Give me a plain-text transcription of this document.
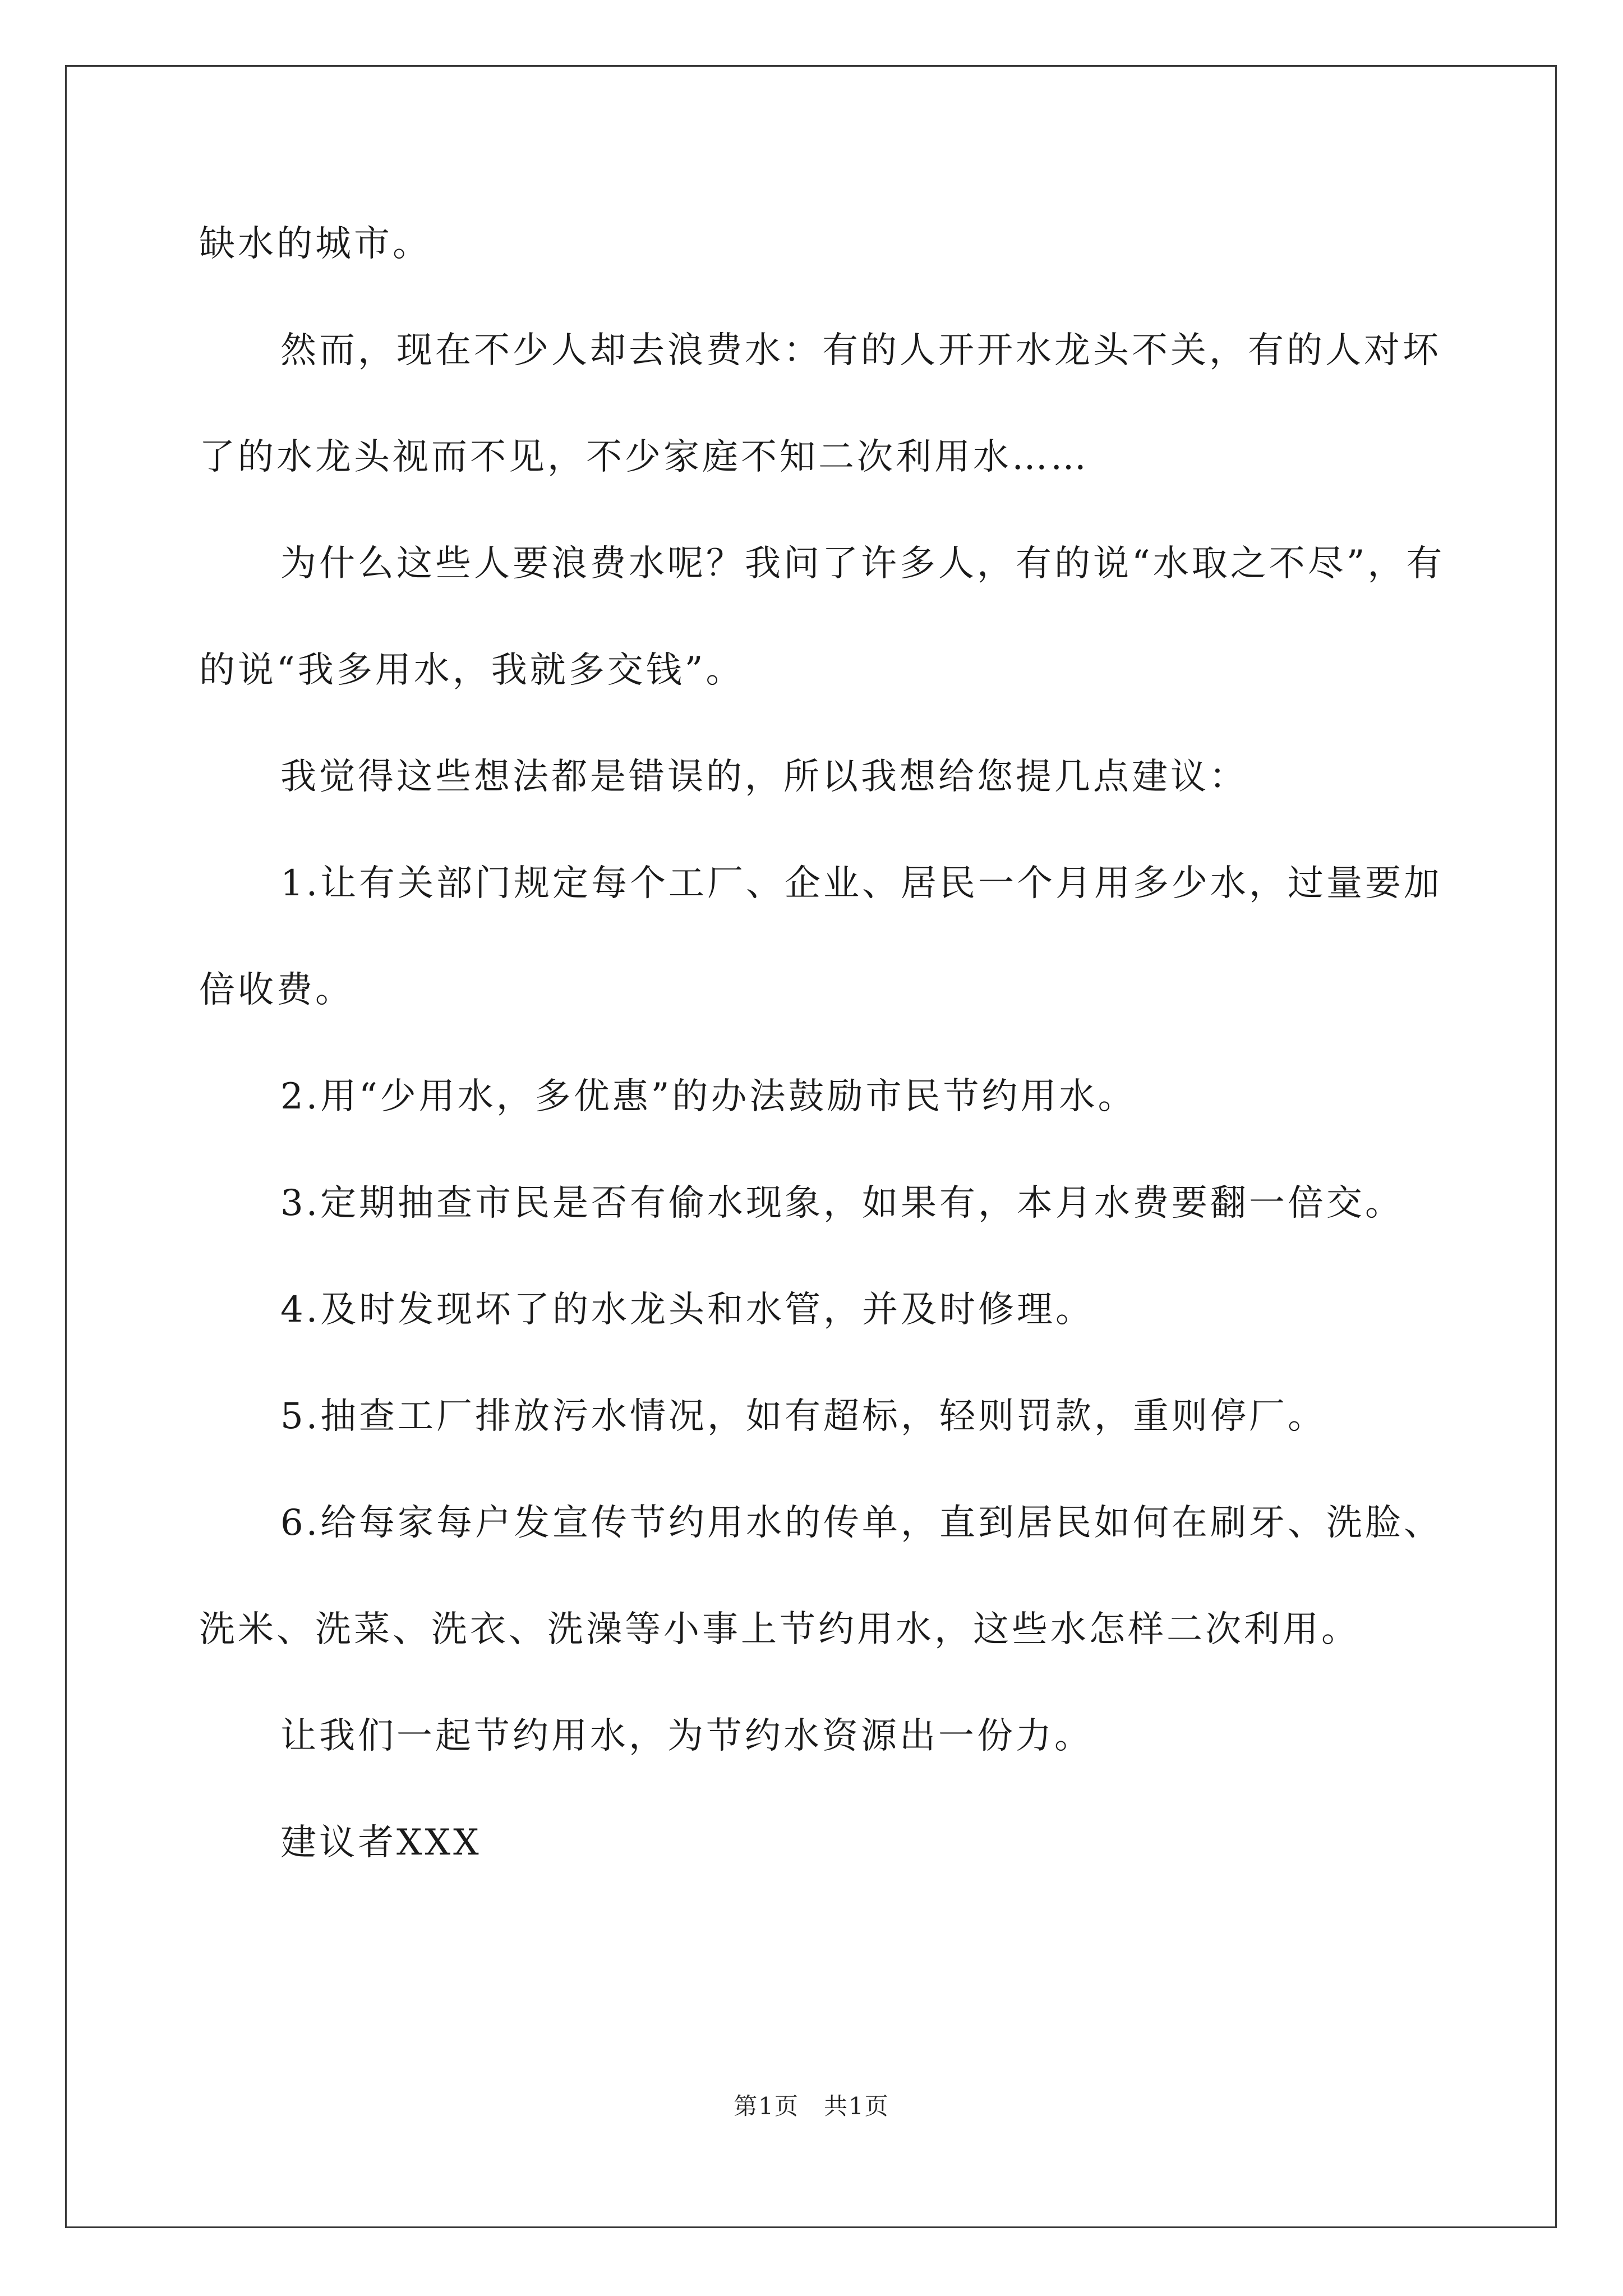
缺水的城市。

然而，现在不少人却去浪费水：有的人开开水龙头不关，有的人对坏了的水龙头视而不见，不少家庭不知二次利用水……

为什么这些人要浪费水呢？我问了许多人，有的说“水取之不尽”，有的说“我多用水，我就多交钱”。

我觉得这些想法都是错误的，所以我想给您提几点建议：

1.让有关部门规定每个工厂、企业、居民一个月用多少水，过量要加倍收费。

2.用“少用水，多优惠”的办法鼓励市民节约用水。

3.定期抽查市民是否有偷水现象，如果有，本月水费要翻一倍交。

4.及时发现坏了的水龙头和水管，并及时修理。

5.抽查工厂排放污水情况，如有超标，轻则罚款，重则停厂。

6.给每家每户发宣传节约用水的传单，直到居民如何在刷牙、洗脸、洗米、洗菜、洗衣、洗澡等小事上节约用水，这些水怎样二次利用。

让我们一起节约用水，为节约水资源出一份力。

建议者XXX

第1页　共1页
